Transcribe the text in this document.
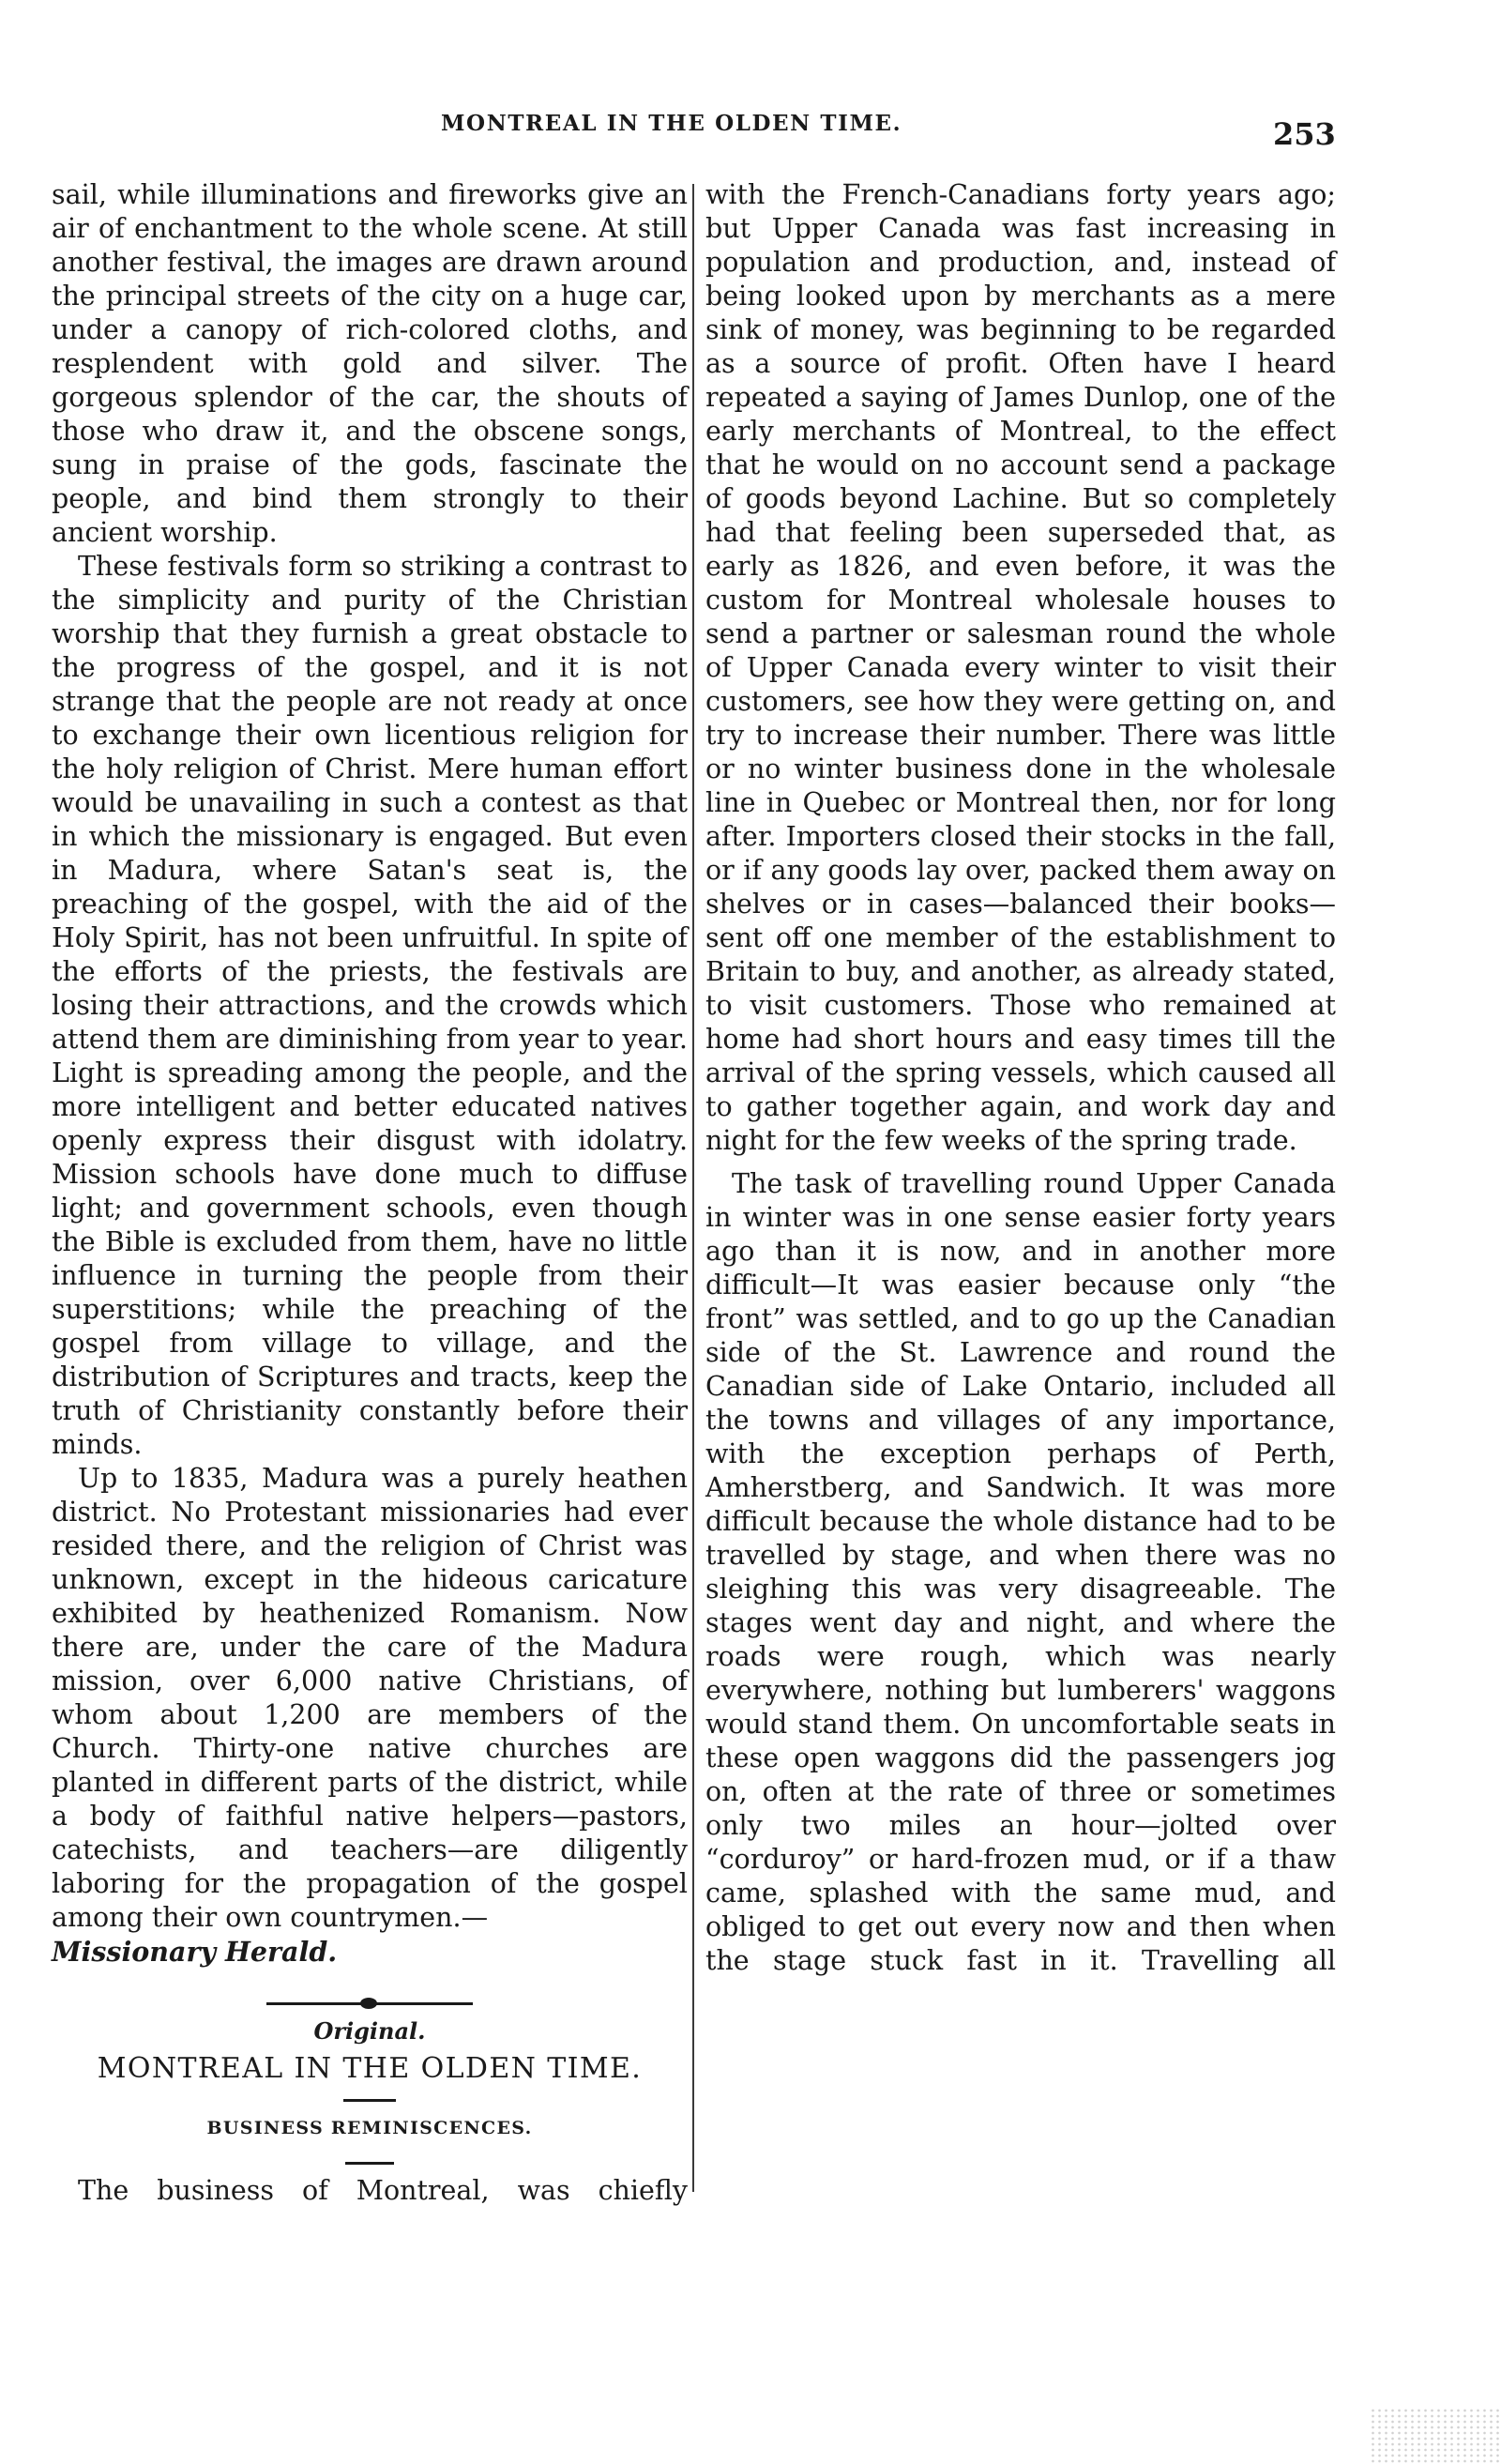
MONTREAL IN THE OLDEN TIME.	253

sail, while illuminations and fireworks give an air of enchantment to the whole scene. At still another festival, the images are drawn around the principal streets of the city on a huge car, under a canopy of rich-colored cloths, and resplendent with gold and silver. The gorgeous splendor of the car, the shouts of those who draw it, and the obscene songs, sung in praise of the gods, fascinate the people, and bind them strongly to their ancient worship.

These festivals form so striking a contrast to the simplicity and purity of the Christian worship that they furnish a great obstacle to the progress of the gospel, and it is not strange that the people are not ready at once to exchange their own licentious religion for the holy religion of Christ. Mere human effort would be unavailing in such a contest as that in which the missionary is engaged. But even in Madura, where Satan's seat is, the preaching of the gospel, with the aid of the Holy Spirit, has not been unfruitful. In spite of the efforts of the priests, the festivals are losing their attractions, and the crowds which attend them are diminishing from year to year. Light is spreading among the people, and the more intelligent and better educated natives openly express their disgust with idolatry. Mission schools have done much to diffuse light; and government schools, even though the Bible is excluded from them, have no little influence in turning the people from their superstitions; while the preaching of the gospel from village to village, and the distribution of Scriptures and tracts, keep the truth of Christianity constantly before their minds.

Up to 1835, Madura was a purely heathen district. No Protestant missionaries had ever resided there, and the religion of Christ was unknown, except in the hideous caricature exhibited by heathenized Romanism. Now there are, under the care of the Madura mission, over 6,000 native Christians, of whom about 1,200 are members of the Church. Thirty-one native churches are planted in different parts of the district, while a body of faithful native helpers—pastors, catechists, and teachers—are diligently laboring for the propagation of the gospel among their own countrymen.—

Missionary Herald.

Original.
MONTREAL IN THE OLDEN TIME.
BUSINESS REMINISCENCES.

The business of Montreal, was chiefly

with the French-Canadians forty years ago; but Upper Canada was fast increasing in population and production, and, instead of being looked upon by merchants as a mere sink of money, was beginning to be regarded as a source of profit. Often have I heard repeated a saying of James Dunlop, one of the early merchants of Montreal, to the effect that he would on no account send a package of goods beyond Lachine. But so completely had that feeling been superseded that, as early as 1826, and even before, it was the custom for Montreal wholesale houses to send a partner or salesman round the whole of Upper Canada every winter to visit their customers, see how they were getting on, and try to increase their number. There was little or no winter business done in the wholesale line in Quebec or Montreal then, nor for long after. Importers closed their stocks in the fall, or if any goods lay over, packed them away on shelves or in cases—balanced their books—sent off one member of the establishment to Britain to buy, and another, as already stated, to visit customers. Those who remained at home had short hours and easy times till the arrival of the spring vessels, which caused all to gather together again, and work day and night for the few weeks of the spring trade.

The task of travelling round Upper Canada in winter was in one sense easier forty years ago than it is now, and in another more difficult—It was easier because only “the front” was settled, and to go up the Canadian side of the St. Lawrence and round the Canadian side of Lake Ontario, included all the towns and villages of any importance, with the exception perhaps of Perth, Amherstberg, and Sandwich. It was more difficult because the whole distance had to be travelled by stage, and when there was no sleighing this was very disagreeable. The stages went day and night, and where the roads were rough, which was nearly everywhere, nothing but lumberers' waggons would stand them. On uncomfortable seats in these open waggons did the passengers jog on, often at the rate of three or sometimes only two miles an hour—jolted over “corduroy” or hard-frozen mud, or if a thaw came, splashed with the same mud, and obliged to get out every now and then when the stage stuck fast in it. Travelling all
